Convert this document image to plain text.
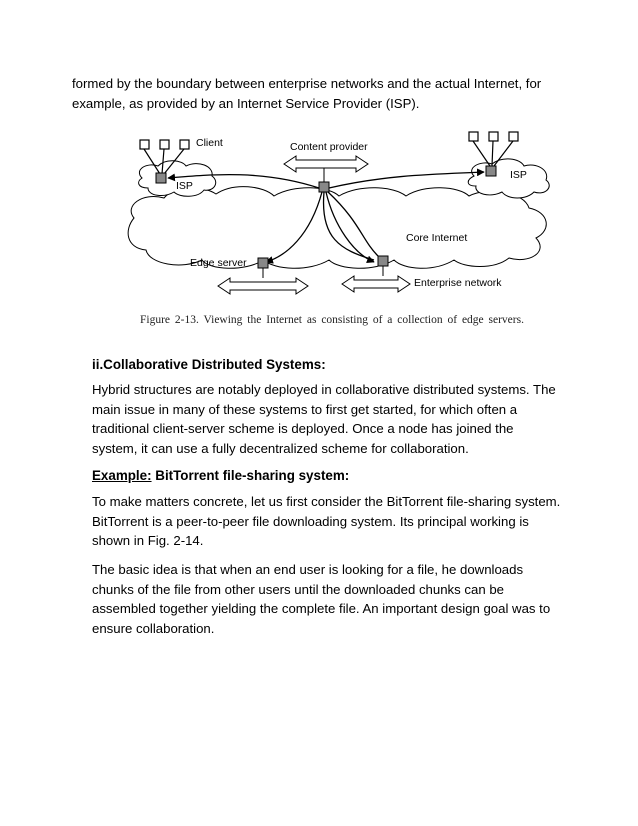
formed by the boundary between enterprise networks and the actual Internet, for example, as provided by an Internet Service Provider (ISP).

Client	Content provider
ISP
ISP
Core Internet
Edge server
Enterprise network
Figure 2-13. Viewing the Internet as consisting of a collection of edge servers.
ii.Collaborative Distributed Systems:

Hybrid structures are notably deployed in collaborative distributed systems. The main issue in many of these systems to first get started, for which often a traditional client-server scheme is deployed. Once a node has joined the system, it can use a fully decentralized scheme for collaboration.

Example: BitTorrent file-sharing system:

To make matters concrete, let us first consider the BitTorrent file-sharing system. BitTorrent is a peer-to-peer file downloading system. Its principal working is shown in Fig. 2-14.

The basic idea is that when an end user is looking for a file, he downloads chunks of the file from other users until the downloaded chunks can be assembled together yielding the complete file. An important design goal was to ensure collaboration.
